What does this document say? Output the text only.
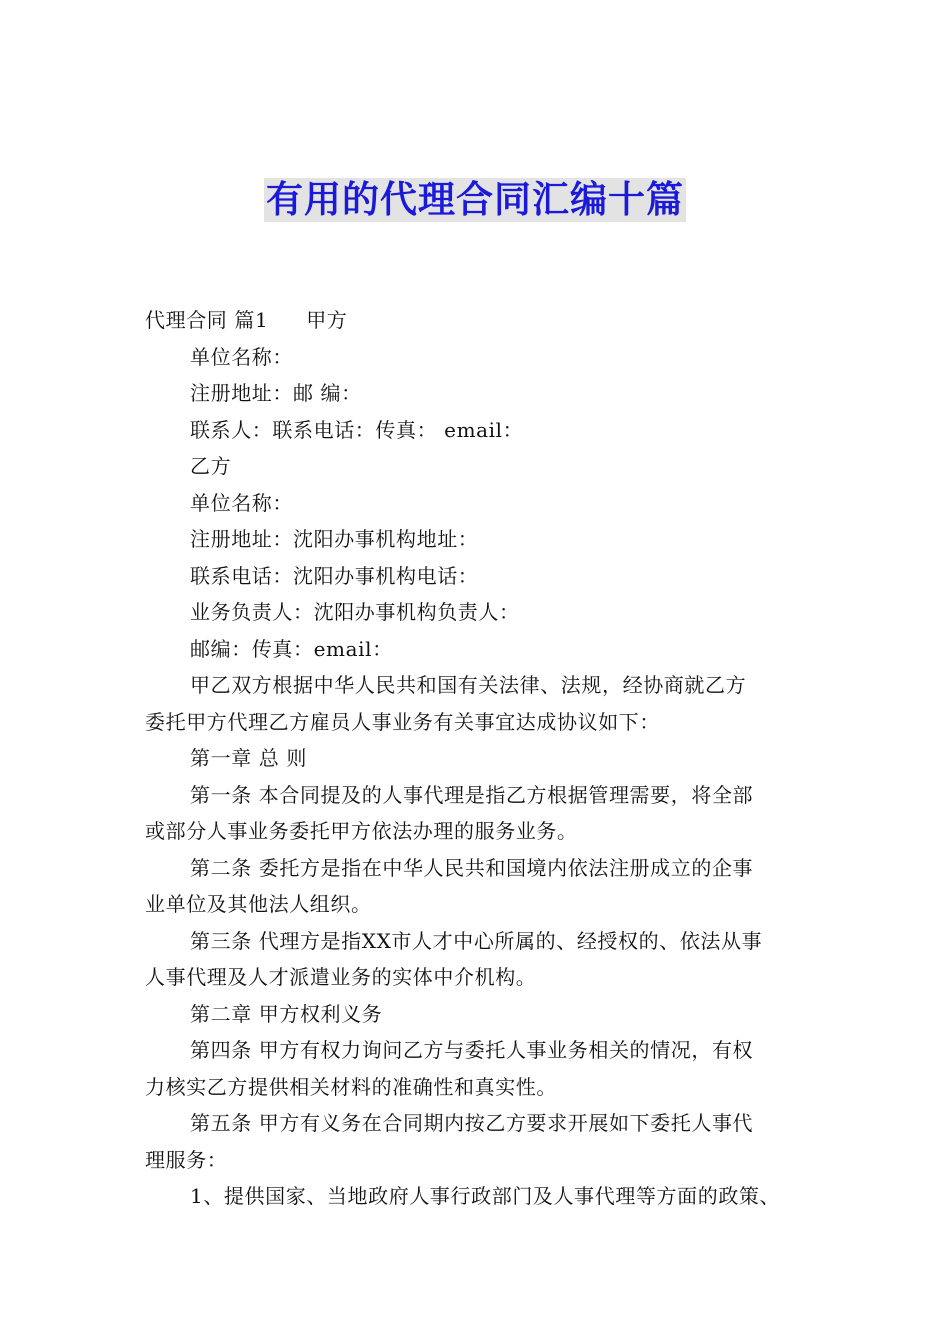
有用的代理合同汇编十篇
代理合同 篇1 甲方
单位名称：
注册地址：邮 编：
联系人：联系电话：传真： email：
乙方
单位名称：
注册地址：沈阳办事机构地址：
联系电话：沈阳办事机构电话：
业务负责人：沈阳办事机构负责人：
邮编：传真：email：
甲乙双方根据中华人民共和国有关法律、法规，经协商就乙方
委托甲方代理乙方雇员人事业务有关事宜达成协议如下：
第一章 总 则
第一条 本合同提及的人事代理是指乙方根据管理需要，将全部
或部分人事业务委托甲方依法办理的服务业务。
第二条 委托方是指在中华人民共和国境内依法注册成立的企事
业单位及其他法人组织。
第三条 代理方是指XX市人才中心所属的、经授权的、依法从事
人事代理及人才派遣业务的实体中介机构。
第二章 甲方权利义务
第四条 甲方有权力询问乙方与委托人事业务相关的情况，有权
力核实乙方提供相关材料的准确性和真实性。
第五条 甲方有义务在合同期内按乙方要求开展如下委托人事代
理服务：
1、提供国家、当地政府人事行政部门及人事代理等方面的政策、
